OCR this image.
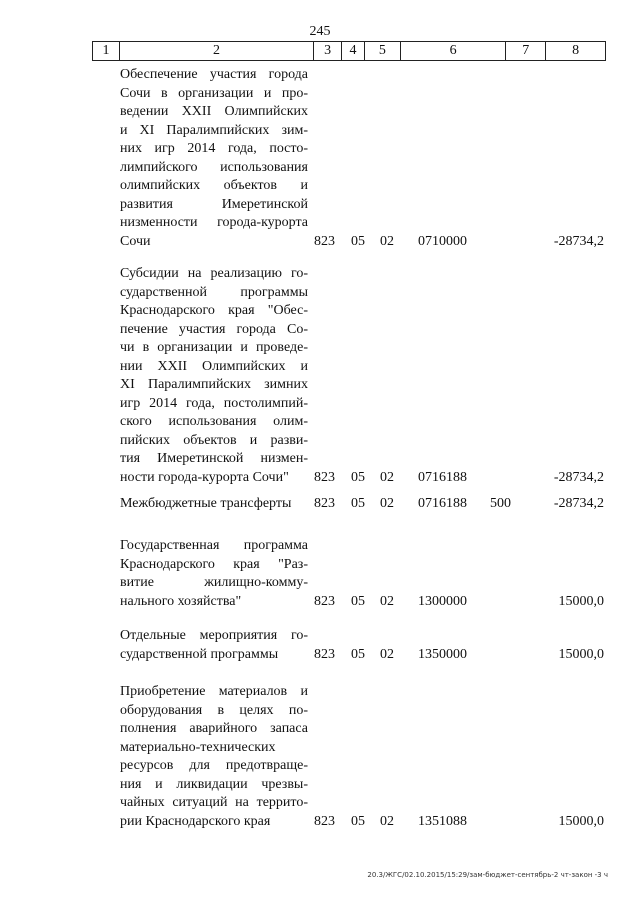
245
1	2	3	4	5	6	7	8
Обеспечение участия города
Сочи в организации и про-
ведении XXII Олимпийских
и XI Паралимпийских зим-
них игр 2014 года, посто-
лимпийского использования
олимпийских объектов и
развития Имеретинской
низменности города-курорта
Сочи	823 05 02 0710000	-28734,2
Субсидии на реализацию го-
сударственной программы
Краснодарского края "Обес-
печение участия города Со-
чи в организации и проведе-
нии XXII Олимпийских и
XI Паралимпийских зимних
игр 2014 года, постолимпий-
ского использования олим-
пийских объектов и разви-
тия Имеретинской низмен-
ности города-курорта Сочи"	823 05 02 0716188	-28734,2
Межбюджетные трансферты	823 05 02 0716188 500	-28734,2
Государственная программа
Краснодарского края "Раз-
витие жилищно-комму-
нального хозяйства"	823 05 02 1300000	15000,0
Отдельные мероприятия го-
сударственной программы	823 05 02 1350000	15000,0
Приобретение материалов и
оборудования в целях по-
полнения аварийного запаса
материально-технических
ресурсов для предотвраще-
ния и ликвидации чрезвы-
чайных ситуаций на террито-
рии Краснодарского края	823 05 02 1351088	15000,0
20.3/ЖГС/02.10.2015/15:29/зам-бюджет-сентябрь-2 чт-закон -3 ч
